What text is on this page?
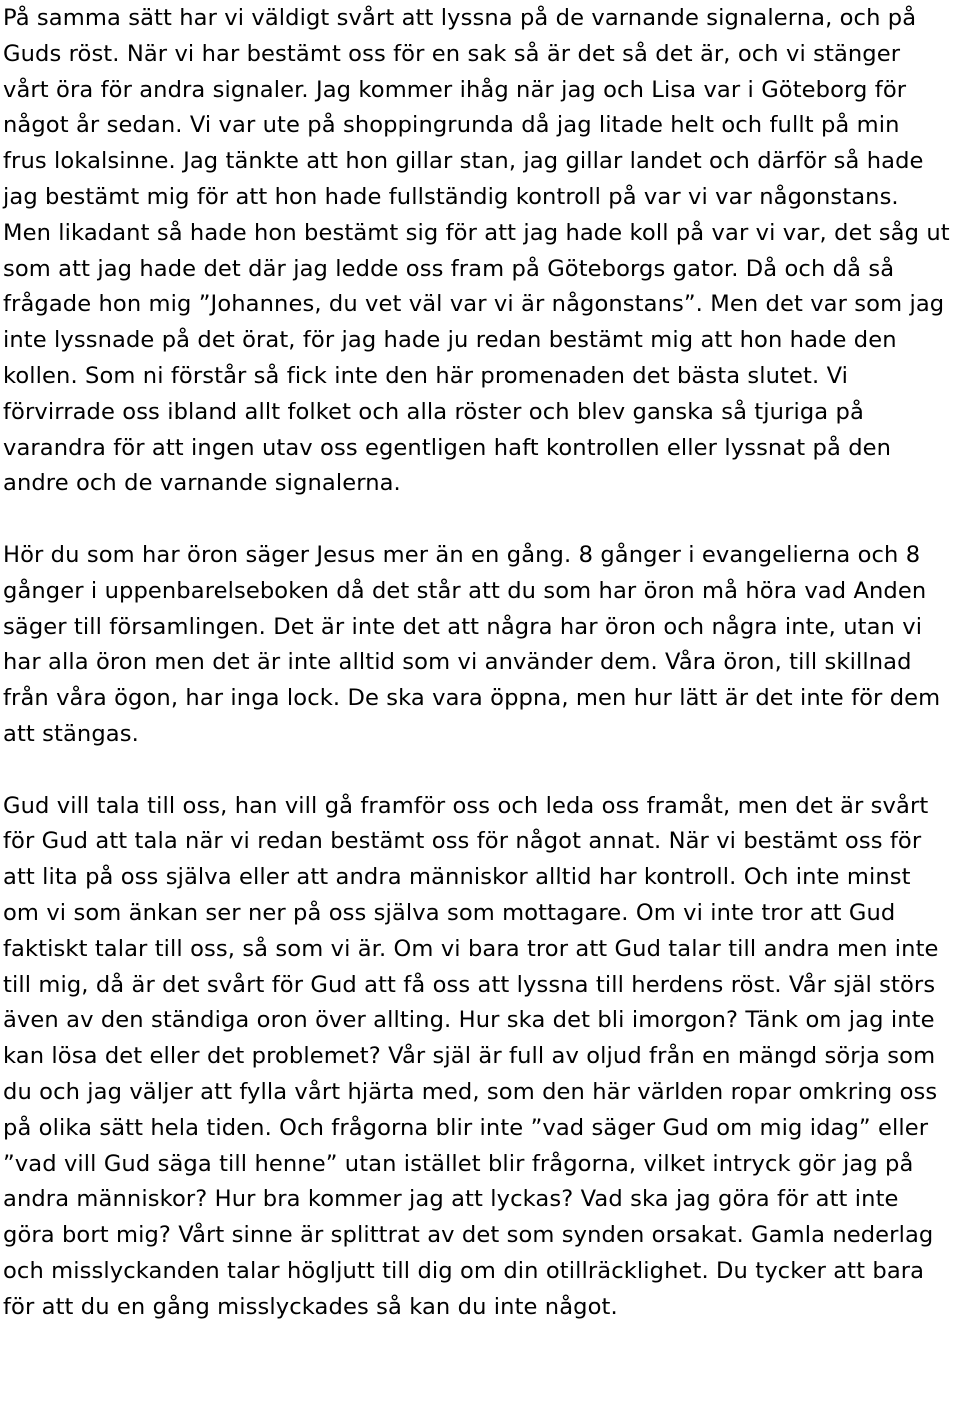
På samma sätt har vi väldigt svårt att lyssna på de varnande signalerna, och på Guds röst. När vi har bestämt oss för en sak så är det så det är, och vi stänger vårt öra för andra signaler. Jag kommer ihåg när jag och Lisa var i Göteborg för något år sedan. Vi var ute på shoppingrunda då jag litade helt och fullt på min frus lokalsinne. Jag tänkte att hon gillar stan, jag gillar landet och därför så hade jag bestämt mig för att hon hade fullständig kontroll på var vi var någonstans. Men likadant så hade hon bestämt sig för att jag hade koll på var vi var, det såg ut som att jag hade det där jag ledde oss fram på Göteborgs gator. Då och då så frågade hon mig ”Johannes, du vet väl var vi är någonstans”. Men det var som jag inte lyssnade på det örat, för jag hade ju redan bestämt mig att hon hade den kollen. Som ni förstår så fick inte den här promenaden det bästa slutet. Vi förvirrade oss ibland allt folket och alla röster och blev ganska så tjuriga på varandra för att ingen utav oss egentligen haft kontrollen eller lyssnat på den andre och de varnande signalerna.

Hör du som har öron säger Jesus mer än en gång. 8 gånger i evangelierna och 8 gånger i uppenbarelseboken då det står att du som har öron må höra vad Anden säger till församlingen. Det är inte det att några har öron och några inte, utan vi har alla öron men det är inte alltid som vi använder dem. Våra öron, till skillnad från våra ögon, har inga lock. De ska vara öppna, men hur lätt är det inte för dem att stängas.

Gud vill tala till oss, han vill gå framför oss och leda oss framåt, men det är svårt för Gud att tala när vi redan bestämt oss för något annat. När vi bestämt oss för att lita på oss själva eller att andra människor alltid har kontroll. Och inte minst om vi som änkan ser ner på oss själva som mottagare. Om vi inte tror att Gud faktiskt talar till oss, så som vi är. Om vi bara tror att Gud talar till andra men inte till mig, då är det svårt för Gud att få oss att lyssna till herdens röst. Vår själ störs även av den ständiga oron över allting. Hur ska det bli imorgon? Tänk om jag inte kan lösa det eller det problemet? Vår själ är full av oljud från en mängd sörja som du och jag väljer att fylla vårt hjärta med, som den här världen ropar omkring oss på olika sätt hela tiden. Och frågorna blir inte ”vad säger Gud om mig idag” eller ”vad vill Gud säga till henne” utan istället blir frågorna, vilket intryck gör jag på andra människor? Hur bra kommer jag att lyckas? Vad ska jag göra för att inte göra bort mig? Vårt sinne är splittrat av det som synden orsakat. Gamla nederlag och misslyckanden talar högljutt till dig om din otillräcklighet. Du tycker att bara för att du en gång misslyckades så kan du inte något.
